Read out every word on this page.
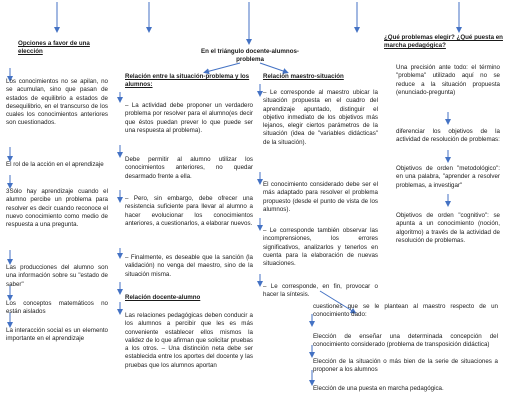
Opciones a favor de una elección
Los conocimientos no se apilan, no se acumulan, sino que pasan de estados de equilibrio a estados de desequilibrio, en el transcurso de los cuales los conocimientos anteriores son cuestionados.
El rol de la acción en el aprendizaje
3Sólo hay aprendizaje cuando el alumno percibe un problema para resolver es decir cuando reconoce el nuevo conocimiento como medio de respuesta a una pregunta.
Las producciones del alumno son una información sobre su "estado de saber"
Los conceptos matemáticos no están aislados
La interacción social es un elemento importante en el aprendizaje
En el triángulo docente-alumnos-problema
Relación entre la situación-problema y los alumnos:
– La actividad debe proponer un verdadero problema por resolver para el alumno(es decir que éstos puedan prever lo que puede ser una respuesta al problema).
Debe permitir al alumno utilizar los conocimientos anteriores, no quedar desarmado frente a ella.
– Pero, sin embargo, debe ofrecer una resistencia suficiente para llevar al alumno a hacer evolucionar los conocimientos anteriores, a cuestionarlos, a elaborar nuevos.
– Finalmente, es deseable que la sanción (la validación) no venga del maestro, sino de la situación misma.
Relación docente-alumno
Las relaciones pedagógicas deben conducir a los alumnos a percibir que les es más conveniente establecer ellos mismos la validez de lo que afirman que solicitar pruebas a los otros. – Una distinción neta debe ser establecida entre los aportes del docente y las pruebas que los alumnos aportan
Relación maestro-situación
– Le corresponde al maestro ubicar la situación propuesta en el cuadro del aprendizaje apuntado, distinguir el objetivo inmediato de los objetivos más lejanos, elegir ciertos parámetros de la situación (idea de "variables didácticas" de la situación).
El conocimiento considerado debe ser el más adaptado para resolver el problema propuesto (desde el punto de vista de los alumnos).
– Le corresponde también observar las incomprensiones, los errores significativos, analizarlos y tenerlos en cuenta para la elaboración de nuevas situaciones.
– Le corresponde, en fin, provocar o hacer la síntesis.
¿Qué problemas elegir? ¿Qué puesta en marcha pedagógica?
Una precisión ante todo: el término "problema" utilizado aquí no se reduce a la situación propuesta (enunciado-pregunta)
diferenciar los objetivos de la actividad de resolución de problemas:
Objetivos de orden "metodológico": en una palabra, "aprender a resolver problemas, a investigar"
Objetivos de orden "cognitivo": se apunta a un conocimiento (noción, algoritmo) a través de la actividad de resolución de problemas.
cuestiones que se le plantean al maestro respecto de un conocimiento dado:
Elección de enseñar una determinada concepción del conocimiento considerado (problema de transposición didáctica)
Elección de la situación o más bien de la serie de situaciones a proponer a los alumnos
Elección de una puesta en marcha pedagógica.
